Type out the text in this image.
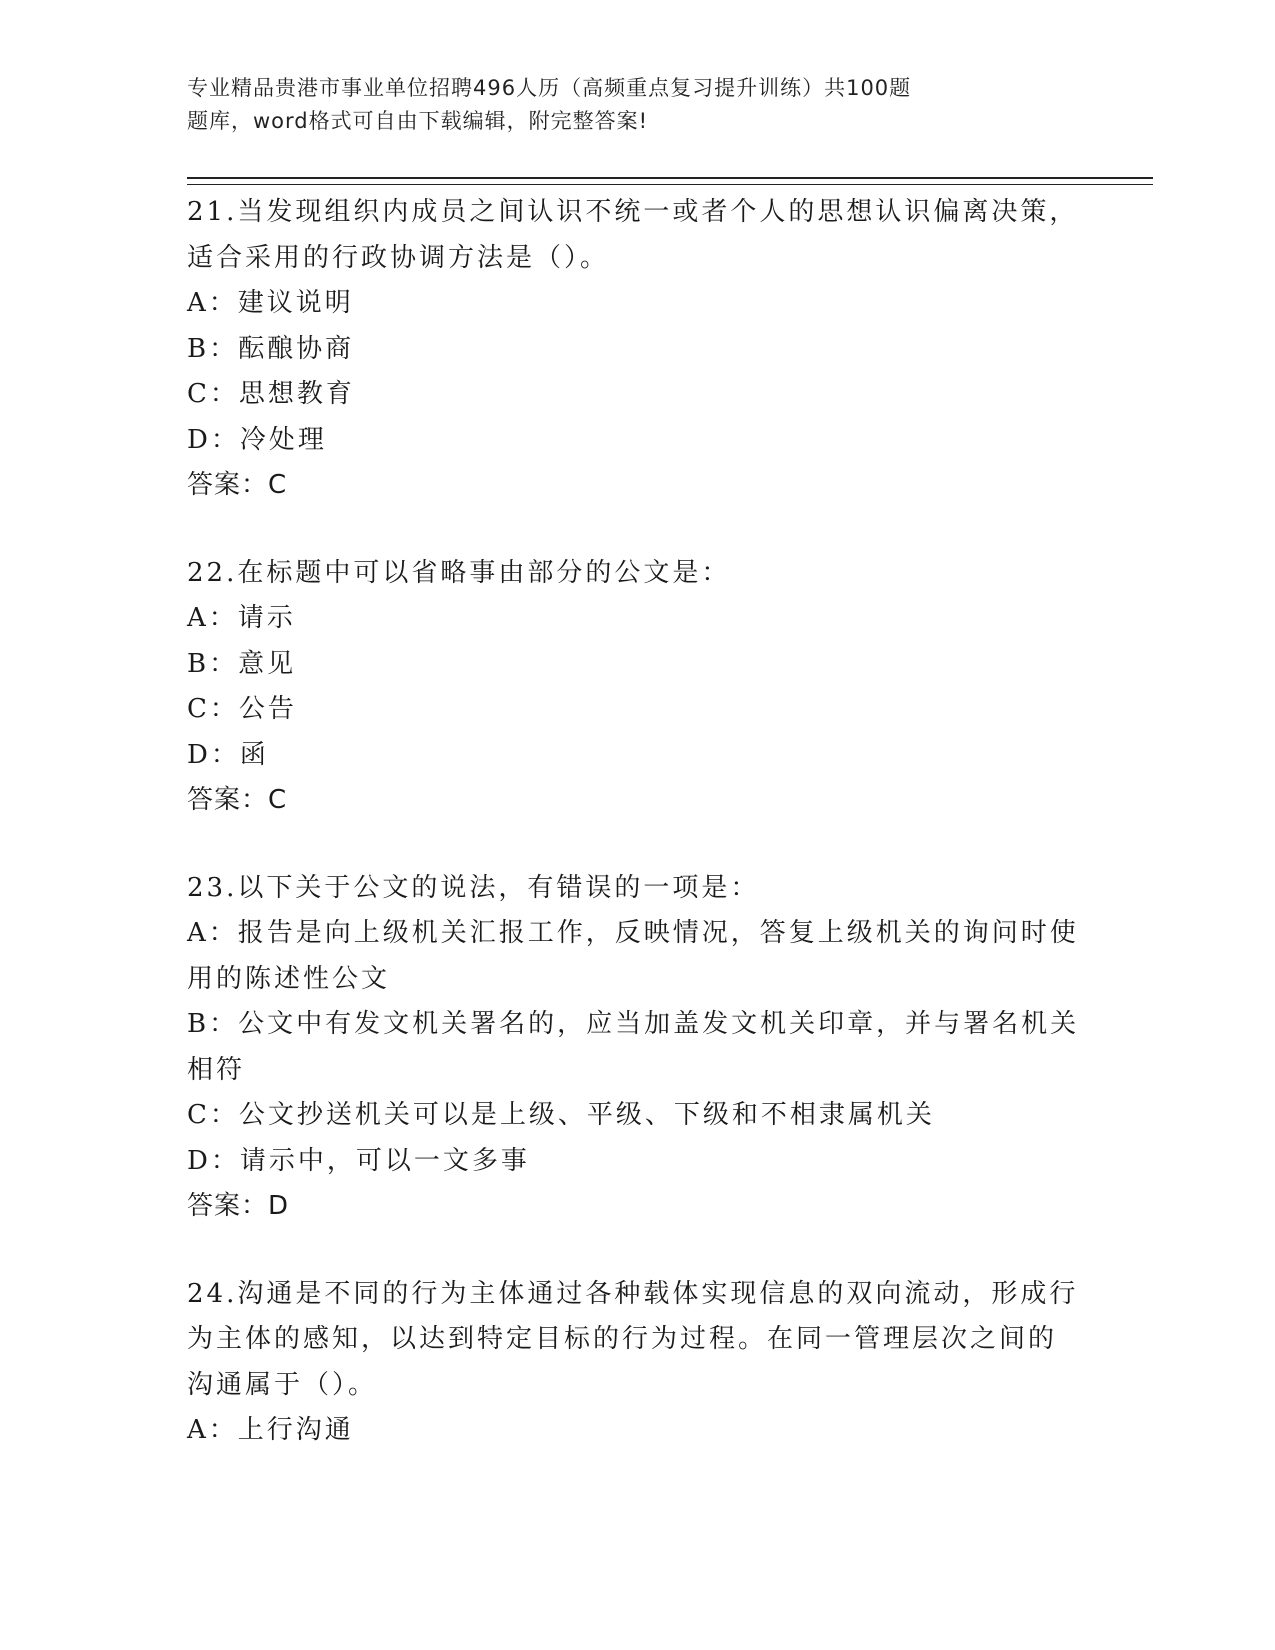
专业精品贵港市事业单位招聘496人历（高频重点复习提升训练）共100题
题库，word格式可自由下载编辑，附完整答案!
21.当发现组织内成员之间认识不统一或者个人的思想认识偏离决策，
适合采用的行政协调方法是（）。
A：建议说明
B：酝酿协商
C：思想教育
D：冷处理
答案：C
22.在标题中可以省略事由部分的公文是：
A：请示
B：意见
C：公告
D：函
答案：C
23.以下关于公文的说法，有错误的一项是：
A：报告是向上级机关汇报工作，反映情况，答复上级机关的询问时使
用的陈述性公文
B：公文中有发文机关署名的，应当加盖发文机关印章，并与署名机关
相符
C：公文抄送机关可以是上级、平级、下级和不相隶属机关
D：请示中，可以一文多事
答案：D
24.沟通是不同的行为主体通过各种载体实现信息的双向流动，形成行
为主体的感知，以达到特定目标的行为过程。在同一管理层次之间的
沟通属于（）。
A：上行沟通
